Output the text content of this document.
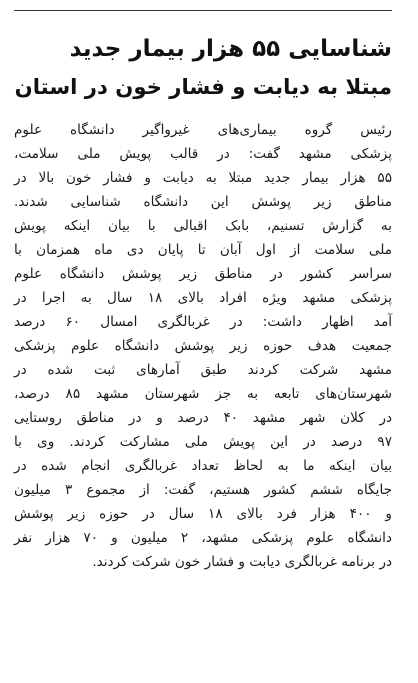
شناسایی ۵۵ هزار بیمار جدید
مبتلا به دیابت و فشار خون در استان
رئیس گروه بیماری‌های غیرواگیر دانشگاه علوم
پزشکی مشهد گفت: در قالب پویش ملی سلامت،
۵۵ هزار بیمار جدید مبتلا به دیابت و فشار خون بالا در
مناطق زیر پوشش این دانشگاه شناسایی شدند.
به گزارش تسنیم، بابک اقبالی با بیان اینکه پویش
ملی سلامت از اول آبان تا پایان دی ماه همزمان با
سراسر کشور در مناطق زیر پوشش دانشگاه علوم
پزشکی مشهد ویژه افراد بالای ۱۸ سال به اجرا در
آمد اظهار داشت: در غربالگری امسال ۶۰ درصد
جمعیت هدف حوزه زیر پوشش دانشگاه علوم پزشکی
مشهد شرکت کردند طبق آمارهای ثبت شده در
شهرستان‌های تابعه به جز شهرستان مشهد ۸۵ درصد،
در کلان شهر مشهد ۴۰ درصد و در مناطق روستایی
۹۷ درصد در این پویش ملی مشارکت کردند. وی با
بیان اینکه ما به لحاظ تعداد غربالگری انجام شده در
جایگاه ششم کشور هستیم، گفت: از مجموع ۳ میلیون
و ۴۰۰ هزار فرد بالای ۱۸ سال در حوزه زیر پوشش
دانشگاه علوم پزشکی مشهد، ۲ میلیون و ۷۰ هزار نفر
در برنامه غربالگری دیابت و فشار خون شرکت کردند.
